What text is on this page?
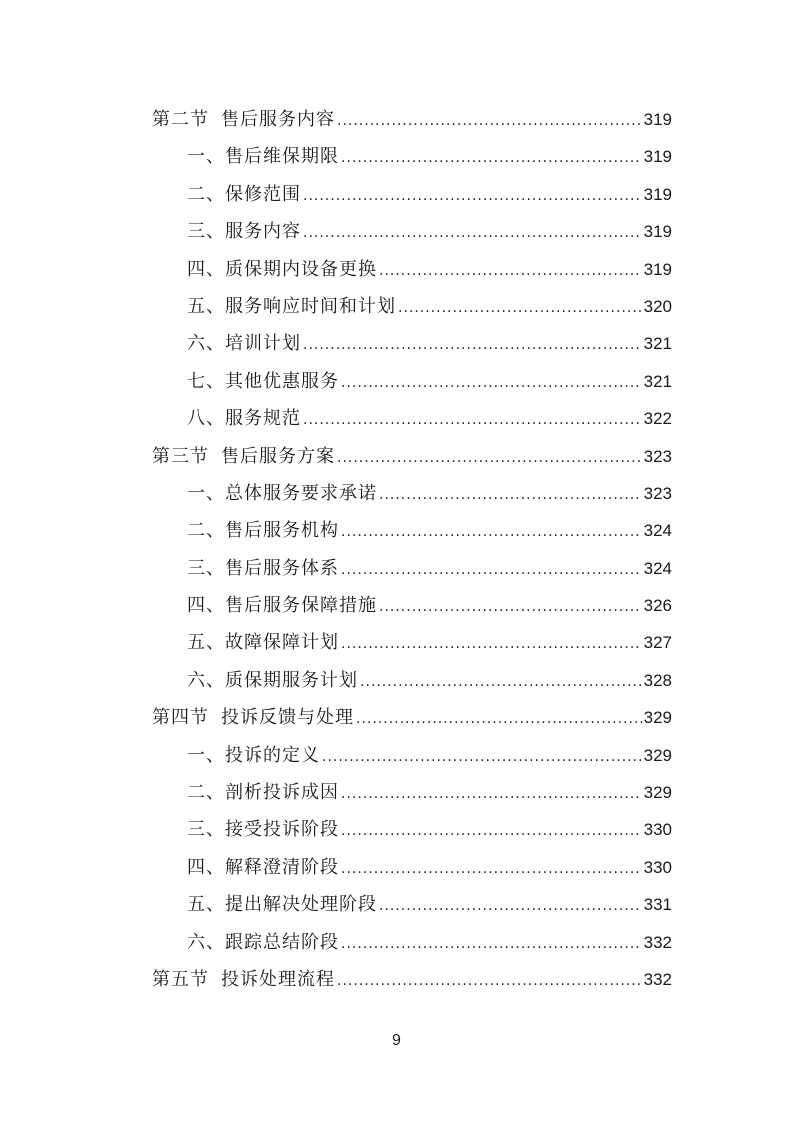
第二节 售后服务内容 .....	319
一、售后维保期限 .....	319
二、保修范围 .....	319
三、服务内容 .....	319
四、质保期内设备更换 .....	319
五、服务响应时间和计划 .....	320
六、培训计划 .....	321
七、其他优惠服务 .....	321
八、服务规范 .....	322
第三节 售后服务方案 .....	323
一、总体服务要求承诺 .....	323
二、售后服务机构 .....	324
三、售后服务体系 .....	324
四、售后服务保障措施 .....	326
五、故障保障计划 .....	327
六、质保期服务计划 .....	328
第四节 投诉反馈与处理 .....	329
一、投诉的定义 .....	329
二、剖析投诉成因 .....	329
三、接受投诉阶段 .....	330
四、解释澄清阶段 .....	330
五、提出解决处理阶段 .....	331
六、跟踪总结阶段 .....	332
第五节 投诉处理流程 .....	332
9
